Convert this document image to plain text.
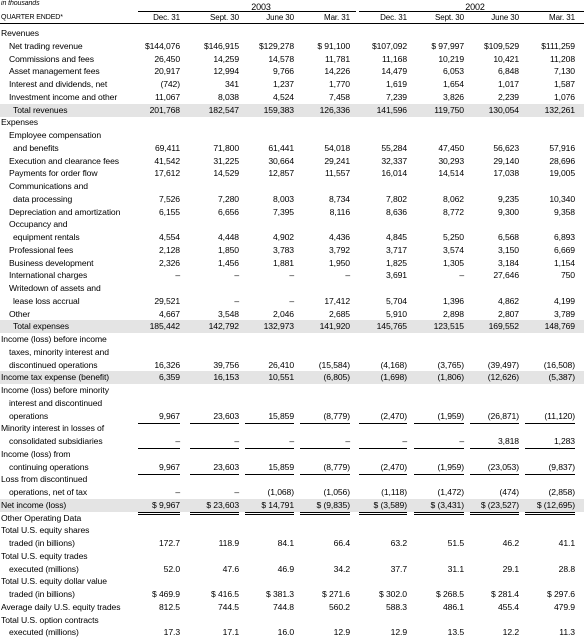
in thousands	2003	2002
QUARTER ENDED*	Dec. 31	Sept. 30	June 30	Mar. 31	Dec. 31	Sept. 30	June 30	Mar. 31
Revenues
Net trading revenue	$144,076	$146,915	$129,278	$ 91,100	$107,092	$ 97,997	$109,529	$111,259
Commissions and fees	26,450	14,259	14,578	11,781	11,168	10,219	10,421	11,208
Asset management fees	20,917	12,994	9,766	14,226	14,479	6,053	6,848	7,130
Interest and dividends, net	(742)	341	1,237	1,770	1,619	1,654	1,017	1,587
Investment income and other	11,067	8,038	4,524	7,458	7,239	3,826	2,239	1,076
Total revenues	201,768	182,547	159,383	126,336	141,596	119,750	130,054	132,261
Expenses
Employee compensation
and benefits	69,411	71,800	61,441	54,018	55,284	47,450	56,623	57,916
Execution and clearance fees	41,542	31,225	30,664	29,241	32,337	30,293	29,140	28,696
Payments for order flow	17,612	14,529	12,857	11,557	16,014	14,514	17,038	19,005
Communications and
data processing	7,526	7,280	8,003	8,734	7,802	8,062	9,235	10,340
Depreciation and amortization	6,155	6,656	7,395	8,116	8,636	8,772	9,300	9,358
Occupancy and
equipment rentals	4,554	4,448	4,902	4,436	4,845	5,250	6,568	6,893
Professional fees	2,128	1,850	3,783	3,792	3,717	3,574	3,150	6,669
Business development	2,326	1,456	1,881	1,950	1,825	1,305	3,184	1,154
International charges	–	–	–	–	3,691	–	27,646	750
Writedown of assets and
lease loss accrual	29,521	–	–	17,412	5,704	1,396	4,862	4,199
Other	4,667	3,548	2,046	2,685	5,910	2,898	2,807	3,789
Total expenses	185,442	142,792	132,973	141,920	145,765	123,515	169,552	148,769
Income (loss) before income
taxes, minority interest and
discontinued operations	16,326	39,756	26,410	(15,584)	(4,168)	(3,765)	(39,497)	(16,508)
Income tax expense (benefit)	6,359	16,153	10,551	(6,805)	(1,698)	(1,806)	(12,626)	(5,387)
Income (loss) before minority
interest and discontinued
operations	9,967	23,603	15,859	(8,779)	(2,470)	(1,959)	(26,871)	(11,120)
Minority interest in losses of
consolidated subsidiaries	–	–	–	–	–	–	3,818	1,283
Income (loss) from
continuing operations	9,967	23,603	15,859	(8,779)	(2,470)	(1,959)	(23,053)	(9,837)
Loss from discontinued
operations, net of tax	–	–	(1,068)	(1,056)	(1,118)	(1,472)	(474)	(2,858)
Net income (loss)	$ 9,967	$ 23,603	$ 14,791	$ (9,835)	$ (3,589)	$ (3,431)	$ (23,527)	$ (12,695)
Other Operating Data
Total U.S. equity shares
traded (in billions)	172.7	118.9	84.1	66.4	63.2	51.5	46.2	41.1
Total U.S. equity trades
executed (millions)	52.0	47.6	46.9	34.2	37.7	31.1	29.1	28.8
Total U.S. equity dollar value
traded (in billions)	$ 469.9	$ 416.5	$ 381.3	$ 271.6	$ 302.0	$ 268.5	$ 281.4	$ 297.6
Average daily U.S. equity trades	812.5	744.5	744.8	560.2	588.3	486.1	455.4	479.9
Total U.S. option contracts
executed (millions)	17.3	17.1	16.0	12.9	12.9	13.5	12.2	11.3
